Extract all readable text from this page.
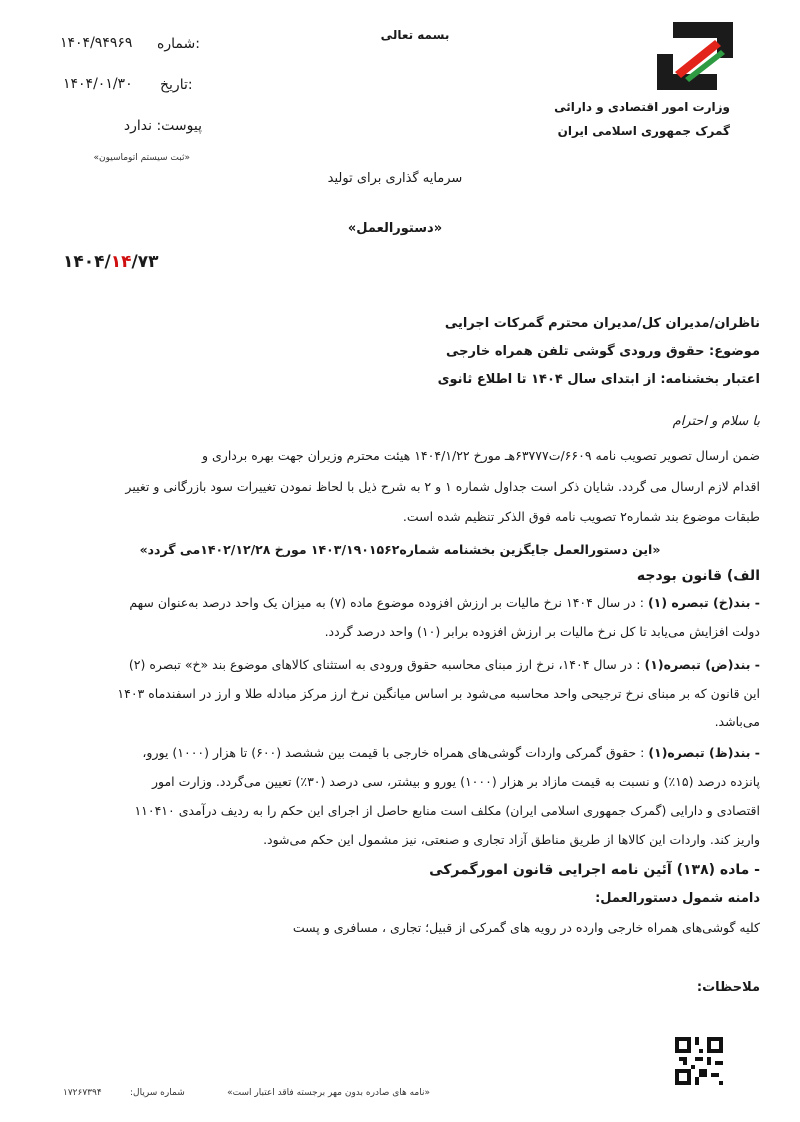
وزارت امور اقتصادی و دارائی
گمرک جمهوری اسلامی ایران
بسمه تعالی
شماره:
۱۴۰۴/۹۴۹۶۹
تاریخ:
۱۴۰۴/۰۱/۳۰
پیوست: ندارد
«ثبت سیستم اتوماسیون»
سرمایه گذاری برای تولید
«دستورالعمل»
۱۴۰۴/۱۴/۷۳
ناظران/مدیران کل/مدیران محترم گمرکات اجرایی
موضوع: حقوق ورودی گوشی تلفن همراه خارجی
اعتبار بخشنامه: از ابتدای سال ۱۴۰۴ تا اطلاع ثانوی
با سلام و احترام
ضمن ارسال تصویر تصویب نامه ۶۶۰۹/ت۶۳۷۷۷هـ مورخ ۱۴۰۴/۱/۲۲ هیئت محترم وزیران جهت بهره برداری و
اقدام لازم ارسال می گردد. شایان ذکر است جداول شماره ۱ و ۲ به شرح ذیل با لحاظ نمودن تغییرات سود بازرگانی و تغییر
طبقات موضوع بند شماره۲ تصویب نامه فوق الذکر تنظیم شده است.
«این دستورالعمل جایگزین بخشنامه شماره۱۴۰۳/۱۹۰۱۵۶۲ مورخ ۱۴۰۲/۱۲/۲۸می گردد»
الف) قانون بودجه
- بند(خ) تبصره (۱) : در سال ۱۴۰۴ نرخ مالیات بر ارزش افزوده موضوع ماده (۷) به میزان یک واحد درصد به‌عنوان سهم
دولت افزایش می‌یابد تا کل نرخ مالیات بر ارزش افزوده برابر (۱۰) واحد درصد گردد.
- بند(ض) تبصره(۱) : در سال ۱۴۰۴، نرخ ارز مبنای محاسبه حقوق ورودی به استثنای کالاهای موضوع بند «خ» تبصره (۲)
این قانون که بر مبنای نرخ ترجیحی واحد محاسبه می‌شود بر اساس میانگین نرخ ارز مرکز مبادله طلا و ارز در اسفندماه ۱۴۰۳
می‌باشد.
- بند(ظ) تبصره(۱) : حقوق گمرکی واردات گوشی‌های همراه خارجی با قیمت بین ششصد (۶۰۰) تا هزار (۱۰۰۰) یورو،
پانزده درصد (۱۵٪) و نسبت به قیمت مازاد بر هزار (۱۰۰۰) یورو و بیشتر، سی درصد (۳۰٪) تعیین می‌گردد. وزارت امور
اقتصادی و دارایی (گمرک جمهوری اسلامی ایران) مکلف است منابع حاصل از اجرای این حکم را به ردیف درآمدی ۱۱۰۴۱۰
واریز کند. واردات این کالاها از طریق مناطق آزاد تجاری و صنعتی، نیز مشمول این حکم می‌شود.
- ماده (۱۳۸) آئین نامه اجرایی قانون امورگمرکی
دامنه شمول دستورالعمل:
کلیه گوشی‌های همراه خارجی وارده در رویه های گمرکی از قبیل؛ تجاری ، مسافری و پست
ملاحظات:
«نامه های صادره بدون مهر برجسته فاقد اعتبار است»
شماره سریال:
۱۷۲۶۷۳۹۴
